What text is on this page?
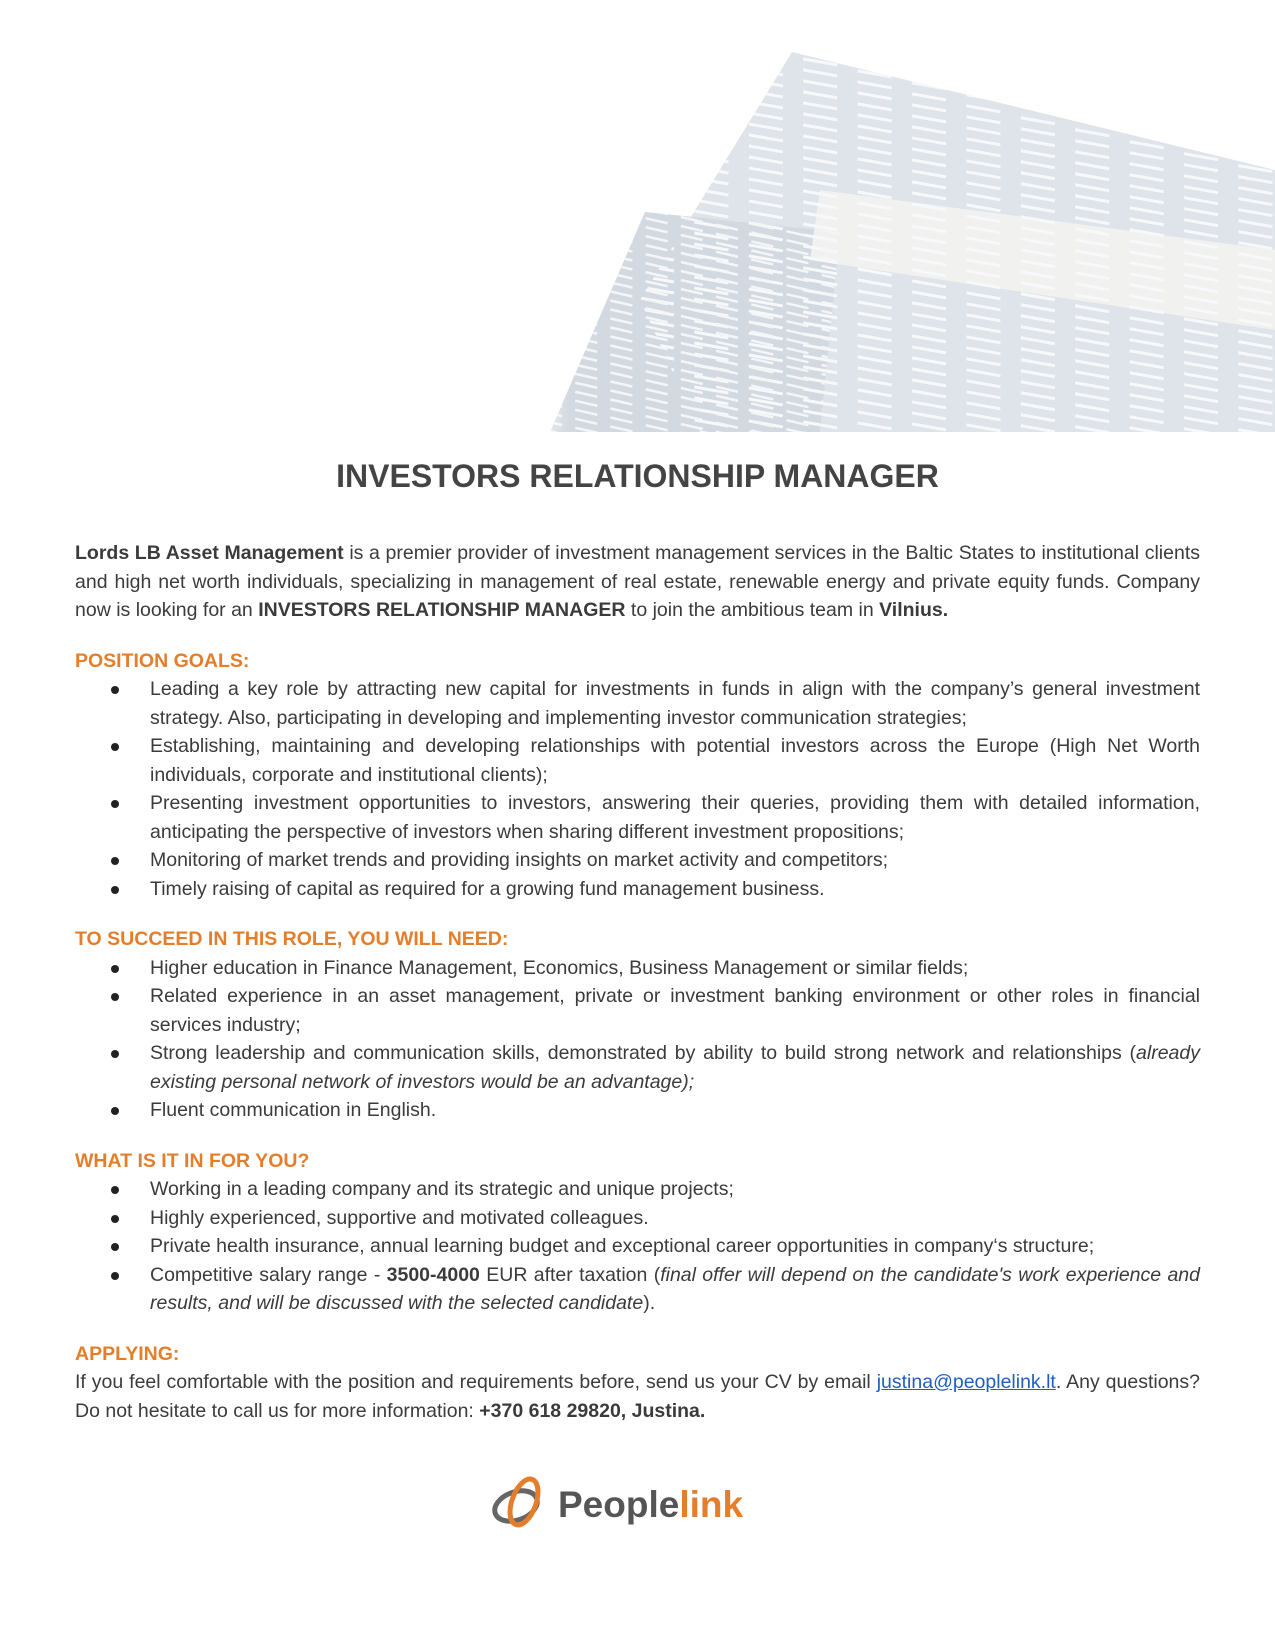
INVESTORS RELATIONSHIP MANAGER

Lords LB Asset Management is a premier provider of investment management services in the Baltic States to institutional clients and high net worth individuals, specializing in management of real estate, renewable energy and private equity funds. Company now is looking for an INVESTORS RELATIONSHIP MANAGER to join the ambitious team in Vilnius.

POSITION GOALS:
Leading a key role by attracting new capital for investments in funds in align with the company’s general investment strategy. Also, participating in developing and implementing investor communication strategies;
Establishing, maintaining and developing relationships with potential investors across the Europe (High Net Worth individuals, corporate and institutional clients);
Presenting investment opportunities to investors, answering their queries, providing them with detailed information, anticipating the perspective of investors when sharing different investment propositions;
Monitoring of market trends and providing insights on market activity and competitors;
Timely raising of capital as required for a growing fund management business.
TO SUCCEED IN THIS ROLE, YOU WILL NEED:
Higher education in Finance Management, Economics, Business Management or similar fields;
Related experience in an asset management, private or investment banking environment or other roles in financial services industry;
Strong leadership and communication skills, demonstrated by ability to build strong network and relationships (already existing personal network of investors would be an advantage);
Fluent communication in English.
WHAT IS IT IN FOR YOU?
Working in a leading company and its strategic and unique projects;
Highly experienced, supportive and motivated colleagues.
Private health insurance, annual learning budget and exceptional career opportunities in company‘s structure;
Competitive salary range - 3500-4000 EUR after taxation (final offer will depend on the candidate's work experience and results, and will be discussed with the selected candidate).
APPLYING:

If you feel comfortable with the position and requirements before, send us your CV by email justina@peoplelink.lt. Any questions? Do not hesitate to call us for more information: +370 618 29820, Justina.

Peoplelink
